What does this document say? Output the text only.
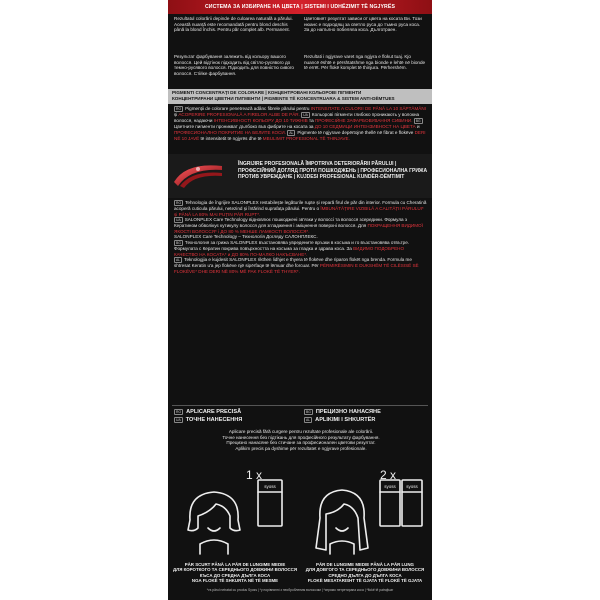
СИСТЕМА ЗА ИЗБИРАНЕ НА ЦВЕТА | SISTEMI I UDHËZIMIT TË NGJYRËS
Rezultatul colorării depinde de culoarea naturală a părului. Această nuanță este recomandată pentru blond deschis până la blond închis. Pentru păr complet alb. Permanent.
Цветовият резултат зависи от цвета на косата Ви. Този нюанс е подходящ за светло руса до тъмно руса коса. За до напълно побеляла коса. Дълготраен.
Результат фарбування залежить від кольору вашого волосся. Цей відтінок підходить від світло-русявого до темно-русявого волосся. Підходить для повністю сивого волосся. Стійке фарбування.
Rezultati i ngjyrave varet nga ngjyra e flokut tuaj. Kjo nuancë është e përshtatshme nga bionde e lehtë në bionde të errët. Për flokë komplet të thinjura. Përhershëm.
PIGMENTI CONCENTRAȚI DE COLORARE | КОНЦЕНТРОВАНІ КОЛЬОРОВІ ПІГМЕНТИ
КОНЦЕНТРИРАНИ ЦВЕТНИ ПИГМЕНТИ | PIGMENTE TË KONCENTRUARA & SISTEM ANTI-DËMTUES
RO Pigmenții de colorare penetrează adânc fibrele părului pentru INTENSITATE A CULORII DE PÂNĂ LA 10 SĂPTĂMÂNI și ACOPERIRE PROFESIONALĂ A FIRELOR ALBE DE PĂR. UA Кольорові пігменти глибоко проникають у волокна волосся, надаючи ІНТЕНСИВНОСТІ КОЛЬОРУ ДО 10 ТИЖНІВ та ПРОФЕСІЙНЕ ЗАФАРБОВУВАННЯ СИВИНИ. BGЦветните пигменти проникват дълбоко във фибрите на косата за ДО 10 СЕДМИЦИ ИНТЕНЗИВНОСТ НА ЦВЕТА и ПРОФЕСИОНАЛНО ПОКРИТИЕ НА БЕЛИТЕ КОСИ. AL Pigmente të ngjyrave depërtojnë thellë në fibrat e flokëve DERI NË 10 JAVË të intensitetit të ngjyrës dhe të MBULIMIT PROFESIONAL TË THINJAVE.
ÎNGRIJIRE PROFESIONALĂ ÎMPOTRIVA DETERIORĂRII PĂRULUI |
ПРОФЕСІЙНИЙ ДОГЛЯД ПРОТИ ПОШКОДЖЕНЬ | ПРОФЕСИОНАЛНА ГРИЖА
ПРОТИВ УВРЕЖДАНЕ | KUJDESI PROFESIONAL KUNDËR-DËMTIMIT
RO Tehnologia de îngrijire SALONPLEX restabilește legăturile rupte și repară firul de păr din interior. Formula cu Cheratină acoperă cuticula părului, netezind și întărind suprafața părului. Pentru o ÎMBUNĂTĂȚIRE VIZIBILĂ A CALITĂȚII PĂRULUI* și PÂNĂ LA 80% MAI PUȚIN PĂR RUPT*.
UA SALONPLEX Care Technology відновлює пошкоджені зв'язки у волоссі та волосся зсередини. Формула з Кератином обволікує кутикулу волосся для згладження і зміцнення поверхні волосся. Для ПОКРАЩЕННЯ ВИДИМОЇ ЯКОСТІ ВОЛОССЯ* і ДО 80 % МЕНШЕ ЛАМКОСТІ ВОЛОССЯ*.
SALONPLEX Care Technology – Технологія Догляду САЛОНПЛЕКС.
BG Технология за грижа SALONPLEX възстановява увредените връзки в косъма и го възстановява отвътре. Формулата с Кератин покрива повърхността на косъма за гладка и здрава коса. За ВИДИМО ПОДОБРЕНО КАЧЕСТВО НА КОСАТА* и ДО 80% ПО-МАЛКО НАКЪСВАНЕ*.
AL Teknologjia e kujdesit SALONPLEX rikthen lidhjet e thyera të flokëve dhe riparon flokët nga brenda. Formula me shtresat Keratin u'a jep flokëve një sipërfaqe të lëmuar dhe forcuar. Për PËRMIRËSIMIN E DUKSHËM TË CILËSISË SË FLOKËVE* DHE DERI NË 80% MË PAK FLOKË TË THYER*.
RO APLICARE PRECISĂ
UA ТОЧНЕ НАНЕСЕННЯ
BG ПРЕЦИЗНО НАНАСЯНЕ
AL APLIKIMI I SHKURTËR
Aplicare precisă fără curgere pentru rezultate profesionale ale colorării.
Точне нанесення без підтікань для професійного результату фарбування.
Прецизно нанасяне без стичане за професионален цветови резултат.
Aplikim precis pa dyshime për rezultatet e ngjyrave profesionale.
1 x	2 x
syoss	syoss syoss
PĂR SCURT PÂNĂ LA PĂR DE LUNGIME MEDIE
ДЛЯ КОРОТКОГО ТА СЕРЕДНЬОГО ДОВЖИНИ ВОЛОССЯ
КЪСА ДО СРЕДНА ДЪЛГА КОСА
NGA FLOKË TË SHKURTA NË TË MESME
PĂR DE LUNGIME MEDIE PÂNĂ LA PĂR LUNG
ДЛЯ ДОВГОГО ТА СЕРЕДНЬОГО ДОВЖИНИ ВОЛОССЯ
СРЕДНО ДЪЛГА ДО ДЪЛГА КОСА
FLOKË MESATARISHT TË GJATA TË FLOKË TË GJATA
*vs părul netratat cu produs Syoss | *у порівнянні з необробленим волоссям | *спрямо нетретирана коса | *flokë të patrajtuar
